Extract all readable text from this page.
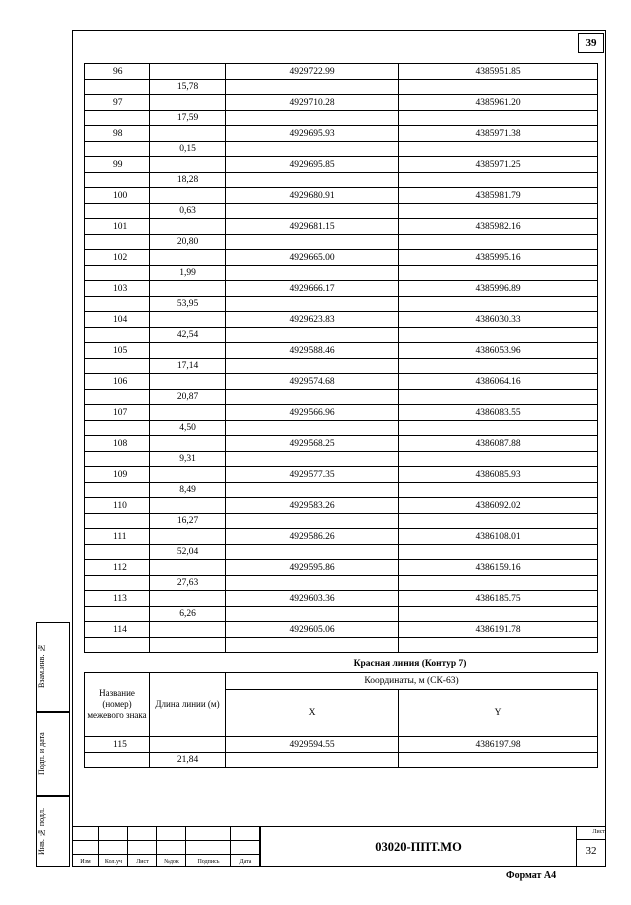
39
96		4929722.99	4385951.85
	15,78		
97		4929710.28	4385961.20
	17,59		
98		4929695.93	4385971.38
	0,15		
99		4929695.85	4385971.25
	18,28		
100		4929680.91	4385981.79
	0,63		
101		4929681.15	4385982.16
	20,80		
102		4929665.00	4385995.16
	1,99		
103		4929666.17	4385996.89
	53,95		
104		4929623.83	4386030.33
	42,54		
105		4929588.46	4386053.96
	17,14		
106		4929574.68	4386064.16
	20,87		
107		4929566.96	4386083.55
	4,50		
108		4929568.25	4386087.88
	9,31		
109		4929577.35	4386085.93
	8,49		
110		4929583.26	4386092.02
	16,27		
111		4929586.26	4386108.01
	52,04		
112		4929595.86	4386159.16
	27,63		
113		4929603.36	4386185.75
	6,26		
114		4929605.06	4386191.78

Красная линия (Контур 7)
Название (номер) межевого знака	Длина линии (м)	Координаты, м (СК-63)	
		X	Y
115		4929594.55	4386197.98
	21,84		
Взам.инв. №
Подп. и дата
Инв. № подл.
Изм	Кол.уч	Лист	№док	Подпись	Дата
03020-ППТ.МО
Лист
32
Формат А4
